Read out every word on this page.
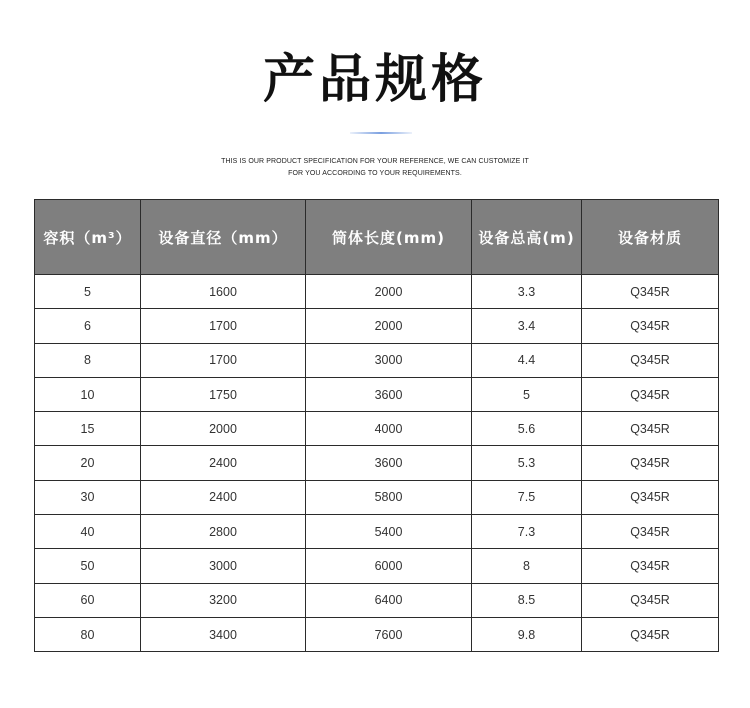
产品规格
THIS IS OUR PRODUCT SPECIFICATION FOR YOUR REFERENCE, WE CAN CUSTOMIZE IT
FOR YOU ACCORDING TO YOUR REQUIREMENTS.
容积（m³）	设备直径（mm）	筒体长度(mm)	设备总高(m)	设备材质
5	1600	2000	3.3	Q345R
6	1700	2000	3.4	Q345R
8	1700	3000	4.4	Q345R
10	1750	3600	5	Q345R
15	2000	4000	5.6	Q345R
20	2400	3600	5.3	Q345R
30	2400	5800	7.5	Q345R
40	2800	5400	7.3	Q345R
50	3000	6000	8	Q345R
60	3200	6400	8.5	Q345R
80	3400	7600	9.8	Q345R
